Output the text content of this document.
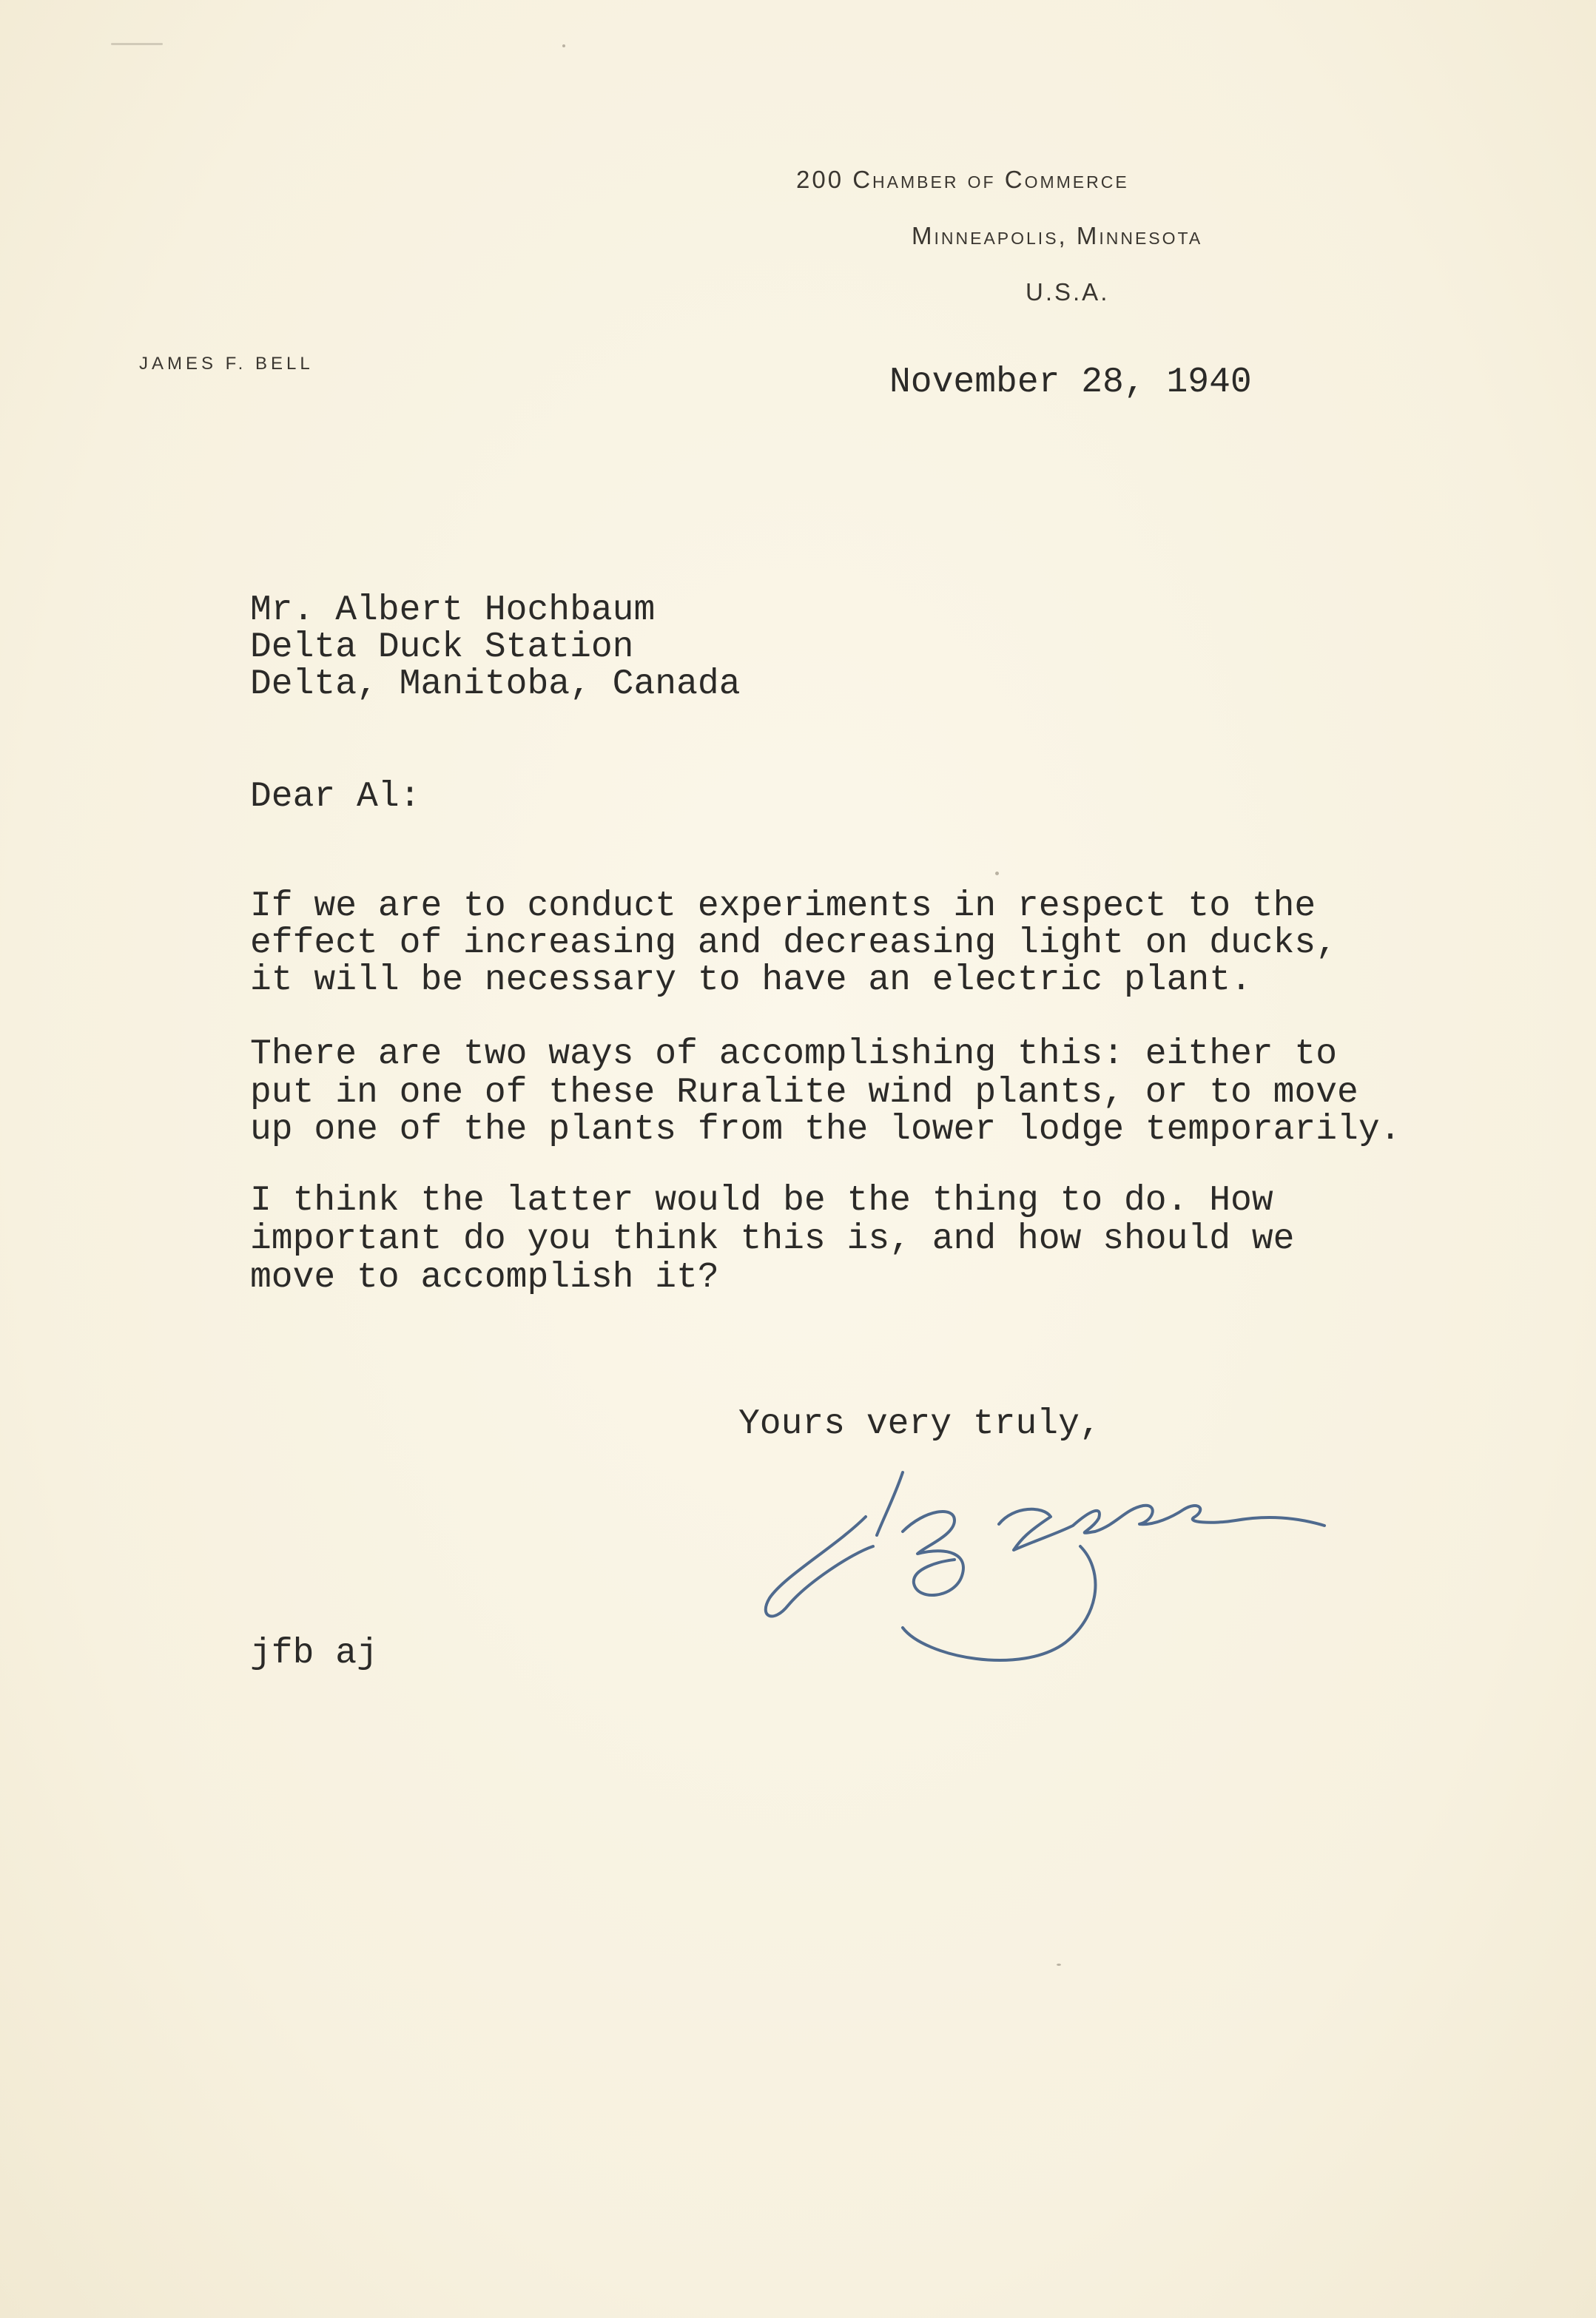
200 Chamber of Commerce
Minneapolis, Minnesota
U.S.A.
JAMES F. BELL	November 28, 1940
Mr. Albert Hochbaum
Delta Duck Station
Delta, Manitoba, Canada
Dear Al:
If we are to conduct experiments in respect to the
effect of increasing and decreasing light on ducks,
it will be necessary to have an electric plant.
There are two ways of accomplishing this: either to
put in one of these Ruralite wind plants, or to move
up one of the plants from the lower lodge temporarily.
I think the latter would be the thing to do. How
important do you think this is, and how should we
move to accomplish it?
Yours very truly,
jfb aj
